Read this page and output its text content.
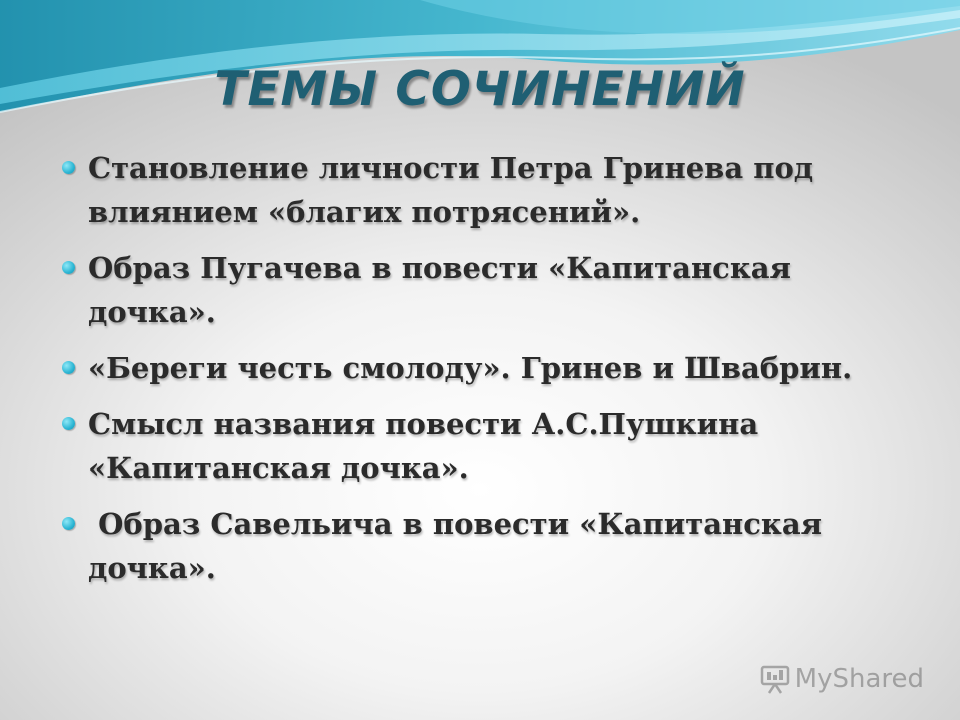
ТЕМЫ СОЧИНЕНИЙ
Становление личности Петра Гринева под влиянием «благих потрясений».
Образ Пугачева в повести «Капитанская дочка».
«Береги честь смолоду». Гринев и Швабрин.
Смысл названия повести А.С.Пушкина «Капитанская дочка».
Образ Савельича в повести «Капитанская дочка».
MyShared
